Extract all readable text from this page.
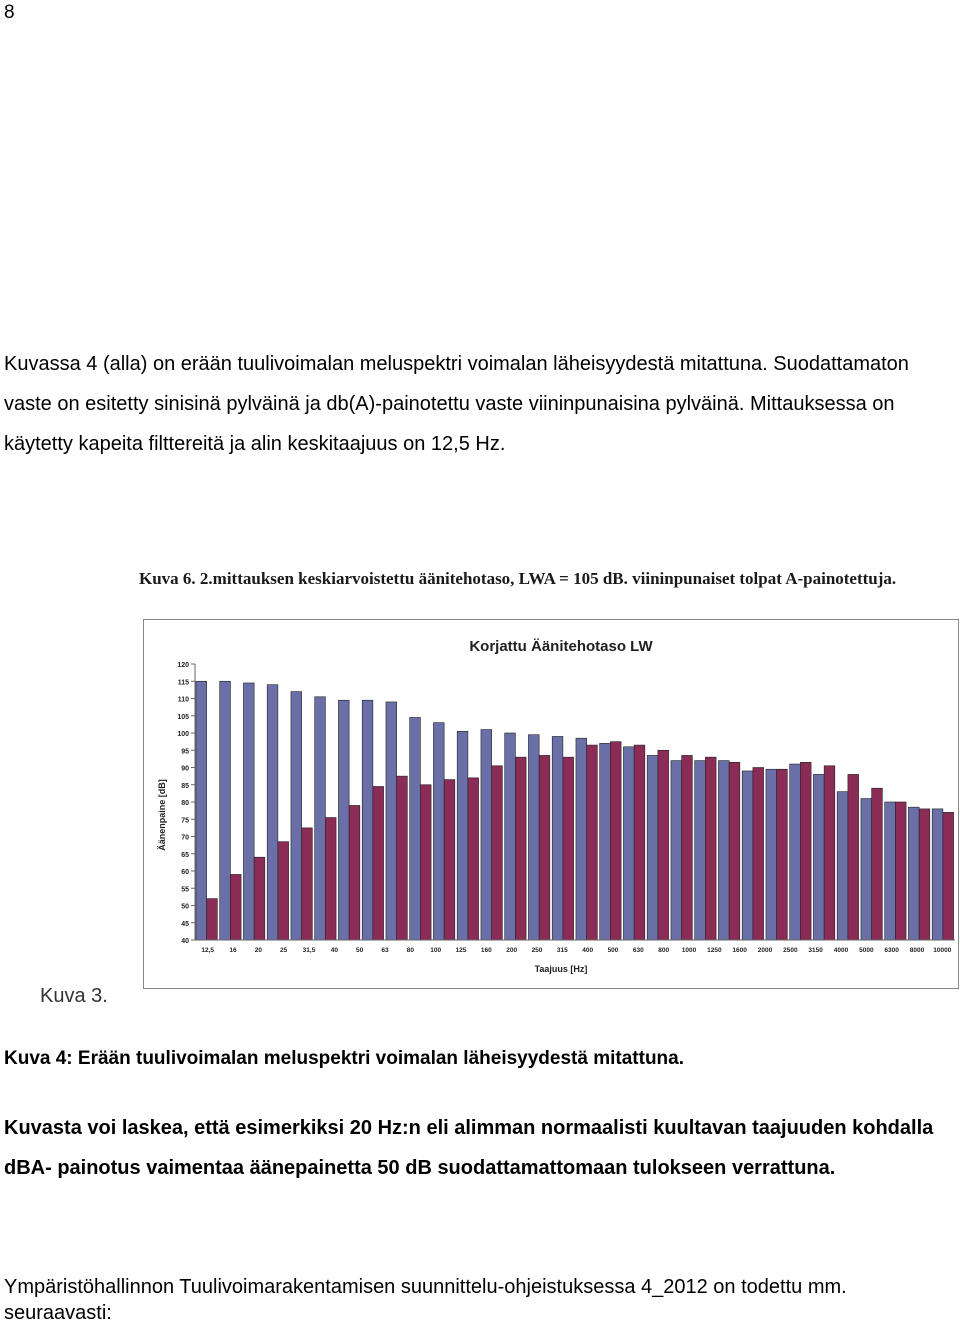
8

Kuvassa 4 (alla) on erään tuulivoimalan meluspektri voimalan läheisyydestä mitattuna. Suodattamaton vaste on esitetty sinisinä pylväinä ja db(A)-painotettu vaste viininpunaisina pylväinä. Mittauksessa on käytetty kapeita filttereitä ja alin keskitaajuus on 12,5 Hz.

Kuva 6. 2.mittauksen keskiarvoistettu äänitehotaso, LWA = 105 dB. viininpunaiset tolpat A-painotettuja.
Korjattu Äänitehotaso LW
Äänenpaine [dB]
Taajuus [Hz]
40
45
50
55
60
65
70
75
80
85
90
95
100
105
110
115
120
12,5 16	20	25 31,5 40	50	63	80	100 125 160 200 250 315 400 500 630 800 1000 1250 1600 2000 2500 3150 4000 5000 6300 8000 10000
Kuva 3.
Kuva 4: Erään tuulivoimalan meluspektri voimalan läheisyydestä mitattuna.

Kuvasta voi laskea, että esimerkiksi 20 Hz:n eli alimman normaalisti kuultavan taajuuden kohdalla dBA- painotus vaimentaa äänepainetta 50 dB suodattamattomaan tulokseen verrattuna.

Ympäristöhallinnon Tuulivoimarakentamisen suunnittelu-ohjeistuksessa 4_2012 on todettu mm. seuraavasti:
